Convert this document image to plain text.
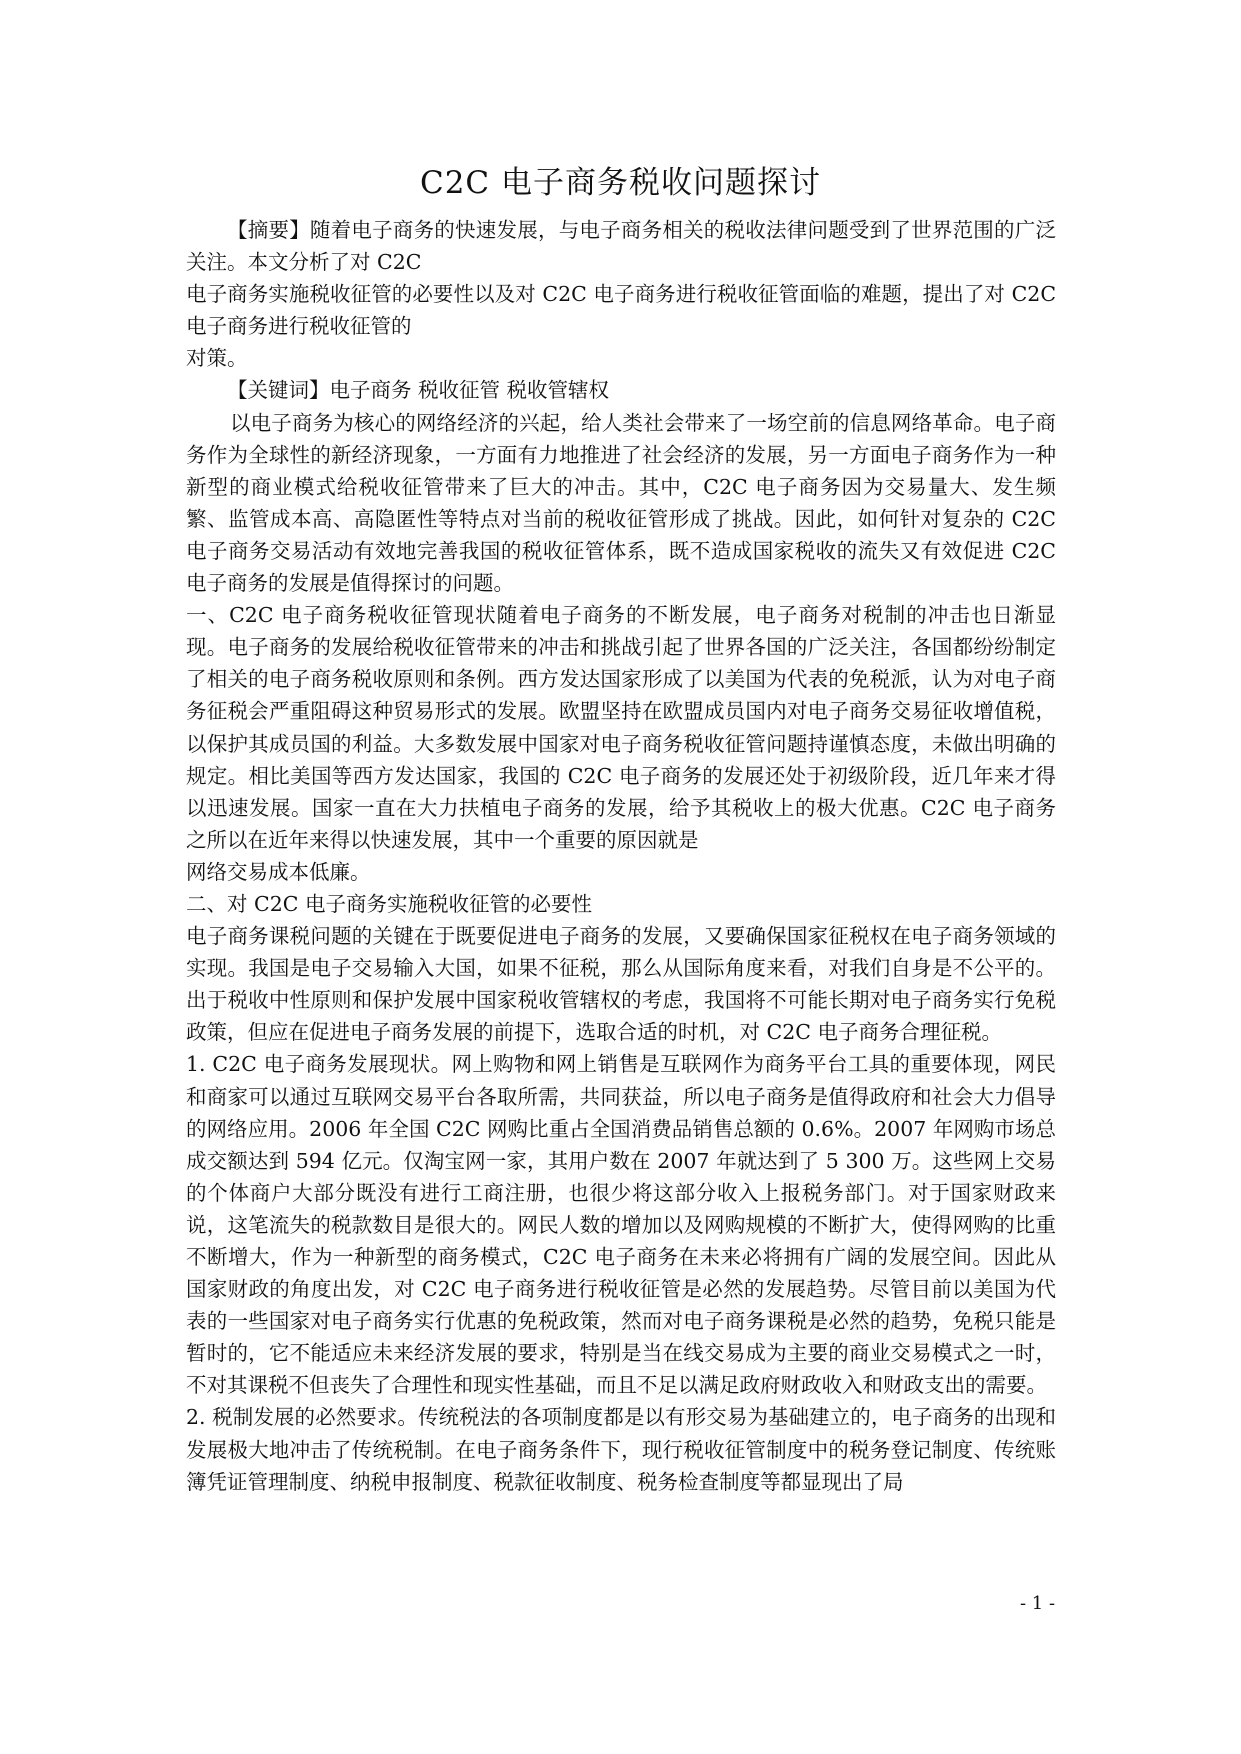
C2C 电子商务税收问题探讨

【摘要】随着电子商务的快速发展，与电子商务相关的税收法律问题受到了世界范围的广泛关注。本文分析了对 C2C

电子商务实施税收征管的必要性以及对 C2C 电子商务进行税收征管面临的难题，提出了对 C2C 电子商务进行税收征管的

对策。

【关键词】电子商务 税收征管 税收管辖权

以电子商务为核心的网络经济的兴起，给人类社会带来了一场空前的信息网络革命。电子商务作为全球性的新经济现象，一方面有力地推进了社会经济的发展，另一方面电子商务作为一种新型的商业模式给税收征管带来了巨大的冲击。其中，C2C 电子商务因为交易量大、发生频繁、监管成本高、高隐匿性等特点对当前的税收征管形成了挑战。因此，如何针对复杂的 C2C 电子商务交易活动有效地完善我国的税收征管体系，既不造成国家税收的流失又有效促进 C2C 电子商务的发展是值得探讨的问题。

一、C2C 电子商务税收征管现状随着电子商务的不断发展，电子商务对税制的冲击也日渐显现。电子商务的发展给税收征管带来的冲击和挑战引起了世界各国的广泛关注，各国都纷纷制定了相关的电子商务税收原则和条例。西方发达国家形成了以美国为代表的免税派，认为对电子商务征税会严重阻碍这种贸易形式的发展。欧盟坚持在欧盟成员国内对电子商务交易征收增值税，以保护其成员国的利益。大多数发展中国家对电子商务税收征管问题持谨慎态度，未做出明确的规定。相比美国等西方发达国家，我国的 C2C 电子商务的发展还处于初级阶段，近几年来才得以迅速发展。国家一直在大力扶植电子商务的发展，给予其税收上的极大优惠。C2C 电子商务之所以在近年来得以快速发展，其中一个重要的原因就是

网络交易成本低廉。

二、对 C2C 电子商务实施税收征管的必要性

电子商务课税问题的关键在于既要促进电子商务的发展，又要确保国家征税权在电子商务领域的实现。我国是电子交易输入大国，如果不征税，那么从国际角度来看，对我们自身是不公平的。出于税收中性原则和保护发展中国家税收管辖权的考虑，我国将不可能长期对电子商务实行免税政策，但应在促进电子商务发展的前提下，选取合适的时机，对 C2C 电子商务合理征税。

1. C2C 电子商务发展现状。网上购物和网上销售是互联网作为商务平台工具的重要体现，网民和商家可以通过互联网交易平台各取所需，共同获益，所以电子商务是值得政府和社会大力倡导的网络应用。2006 年全国 C2C 网购比重占全国消费品销售总额的 0.6%。2007 年网购市场总成交额达到 594 亿元。仅淘宝网一家，其用户数在 2007 年就达到了 5 300 万。这些网上交易的个体商户大部分既没有进行工商注册，也很少将这部分收入上报税务部门。对于国家财政来说，这笔流失的税款数目是很大的。网民人数的增加以及网购规模的不断扩大，使得网购的比重不断增大，作为一种新型的商务模式，C2C 电子商务在未来必将拥有广阔的发展空间。因此从国家财政的角度出发，对 C2C 电子商务进行税收征管是必然的发展趋势。尽管目前以美国为代表的一些国家对电子商务实行优惠的免税政策，然而对电子商务课税是必然的趋势，免税只能是暂时的，它不能适应未来经济发展的要求，特别是当在线交易成为主要的商业交易模式之一时，不对其课税不但丧失了合理性和现实性基础，而且不足以满足政府财政收入和财政支出的需要。

2. 税制发展的必然要求。传统税法的各项制度都是以有形交易为基础建立的，电子商务的出现和发展极大地冲击了传统税制。在电子商务条件下，现行税收征管制度中的税务登记制度、传统账簿凭证管理制度、纳税申报制度、税款征收制度、税务检查制度等都显现出了局

- 1 -
